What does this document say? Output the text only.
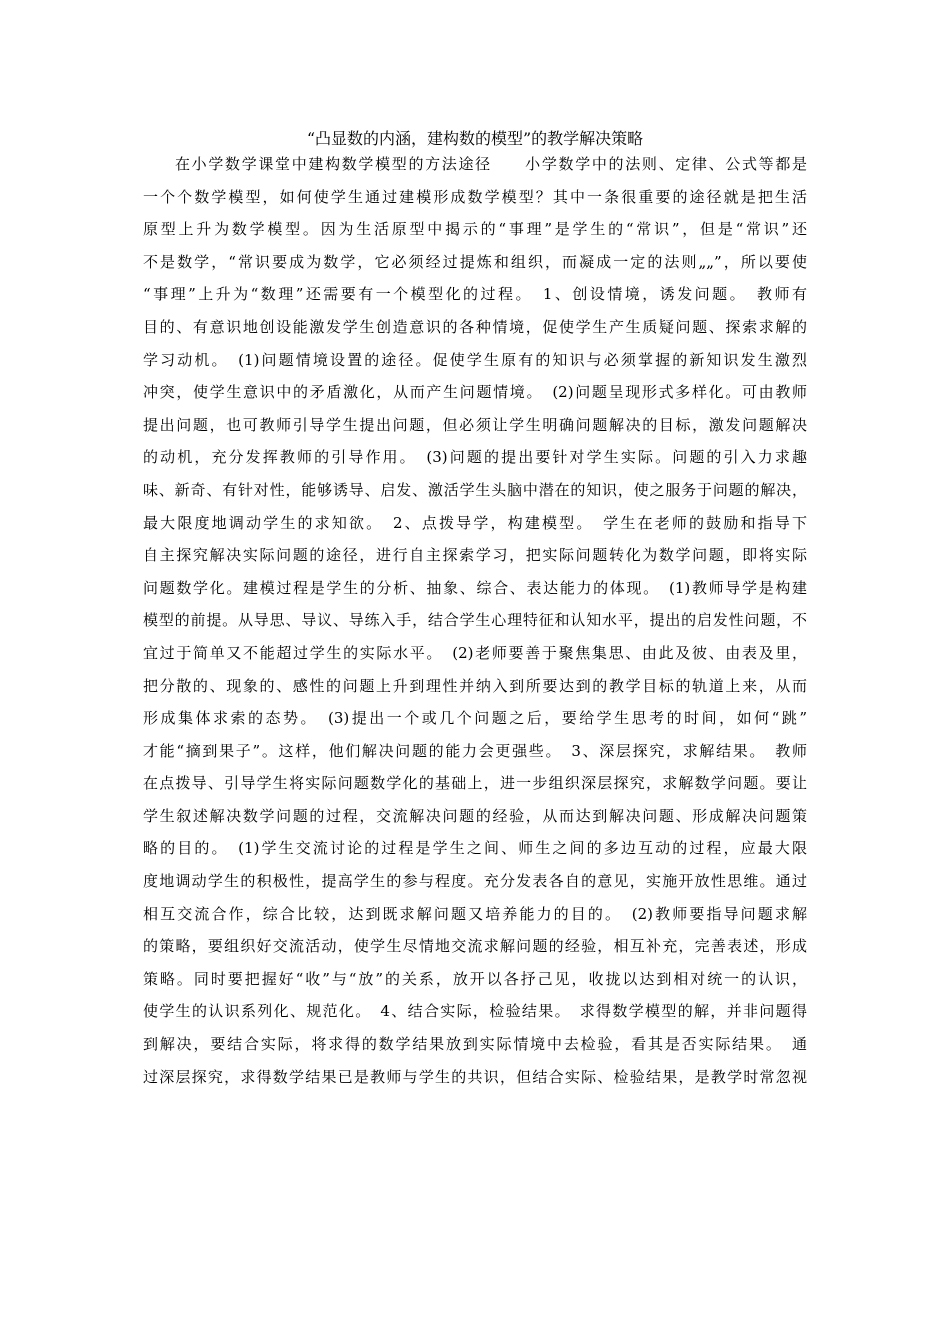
“凸显数的内涵，建构数的模型”的教学解决策略
在小学数学课堂中建构数学模型的方法途径　　小学数学中的法则、定律、公式等都是
一个个数学模型，如何使学生通过建模形成数学模型？其中一条很重要的途径就是把生活
原型上升为数学模型。因为生活原型中揭示的“事理”是学生的“常识”，但是“常识”还
不是数学，“常识要成为数学，它必须经过提炼和组织，而凝成一定的法则„„”，所以要使
“事理”上升为“数理”还需要有一个模型化的过程。　1、创设情境，诱发问题。　教师有
目的、有意识地创设能激发学生创造意识的各种情境，促使学生产生质疑问题、探索求解的
学习动机。　(1)问题情境设置的途径。促使学生原有的知识与必须掌握的新知识发生激烈
冲突，使学生意识中的矛盾激化，从而产生问题情境。　(2)问题呈现形式多样化。可由教师
提出问题，也可教师引导学生提出问题，但必须让学生明确问题解决的目标，激发问题解决
的动机，充分发挥教师的引导作用。　(3)问题的提出要针对学生实际。问题的引入力求趣
味、新奇、有针对性，能够诱导、启发、激活学生头脑中潜在的知识，使之服务于问题的解决，
最大限度地调动学生的求知欲。　2、点拨导学，构建模型。　学生在老师的鼓励和指导下
自主探究解决实际问题的途径，进行自主探索学习，把实际问题转化为数学问题，即将实际
问题数学化。建模过程是学生的分析、抽象、综合、表达能力的体现。　(1)教师导学是构建
模型的前提。从导思、导议、导练入手，结合学生心理特征和认知水平，提出的启发性问题，不
宜过于简单又不能超过学生的实际水平。　(2)老师要善于聚焦集思、由此及彼、由表及里，
把分散的、现象的、感性的问题上升到理性并纳入到所要达到的教学目标的轨道上来，从而
形成集体求索的态势。　(3)提出一个或几个问题之后，要给学生思考的时间，如何“跳”
才能“摘到果子”。这样，他们解决问题的能力会更强些。　3、深层探究，求解结果。　教师
在点拨导、引导学生将实际问题数学化的基础上，进一步组织深层探究，求解数学问题。要让
学生叙述解决数学问题的过程，交流解决问题的经验，从而达到解决问题、形成解决问题策
略的目的。　(1)学生交流讨论的过程是学生之间、师生之间的多边互动的过程，应最大限
度地调动学生的积极性，提高学生的参与程度。充分发表各自的意见，实施开放性思维。通过
相互交流合作，综合比较，达到既求解问题又培养能力的目的。　(2)教师要指导问题求解
的策略，要组织好交流活动，使学生尽情地交流求解问题的经验，相互补充，完善表述，形成
策略。同时要把握好“收”与“放”的关系，放开以各抒己见，收拢以达到相对统一的认识，
使学生的认识系列化、规范化。　4、结合实际，检验结果。　求得数学模型的解，并非问题得
到解决，要结合实际，将求得的数学结果放到实际情境中去检验，看其是否实际结果。　通
过深层探究，求得数学结果已是教师与学生的共识，但结合实际、检验结果，是教学时常忽视
